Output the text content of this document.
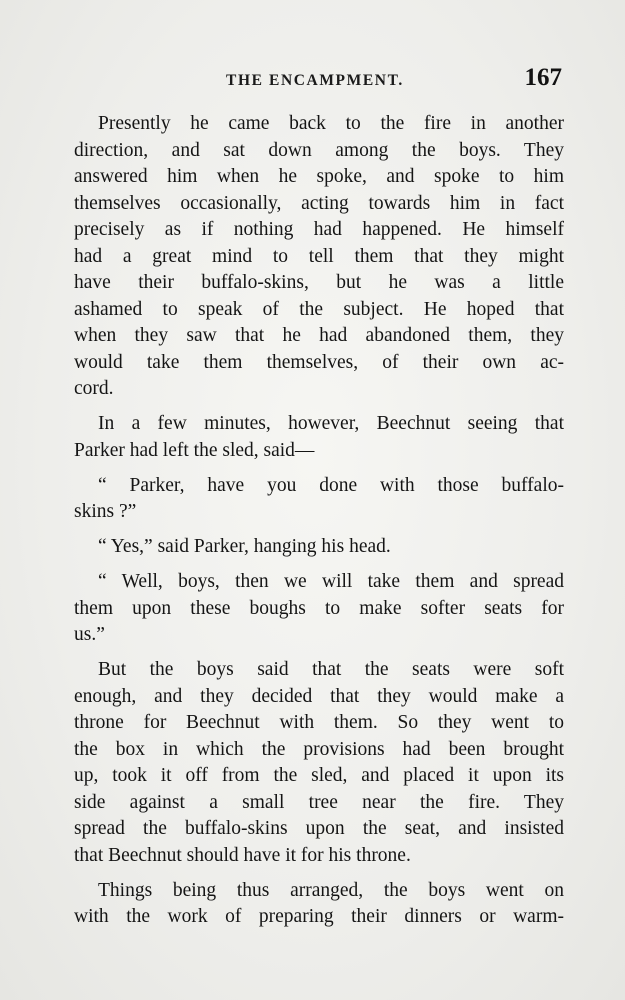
THE ENCAMPMENT.	167
Presently he came back to the fire in another
direction, and sat down among the boys. They
answered him when he spoke, and spoke to him
themselves occasionally, acting towards him in fact
precisely as if nothing had happened. He himself
had a great mind to tell them that they might
have their buffalo-skins, but he was a little
ashamed to speak of the subject. He hoped that
when they saw that he had abandoned them, they
would take them themselves, of their own ac-
cord.
In a few minutes, however, Beechnut seeing that
Parker had left the sled, said—
“ Parker, have you done with those buffalo-
skins ?”
“ Yes,” said Parker, hanging his head.
“ Well, boys, then we will take them and spread
them upon these boughs to make softer seats for
us.”
But the boys said that the seats were soft
enough, and they decided that they would make a
throne for Beechnut with them. So they went to
the box in which the provisions had been brought
up, took it off from the sled, and placed it upon its
side against a small tree near the fire. They
spread the buffalo-skins upon the seat, and insisted
that Beechnut should have it for his throne.
Things being thus arranged, the boys went on
with the work of preparing their dinners or warm-
